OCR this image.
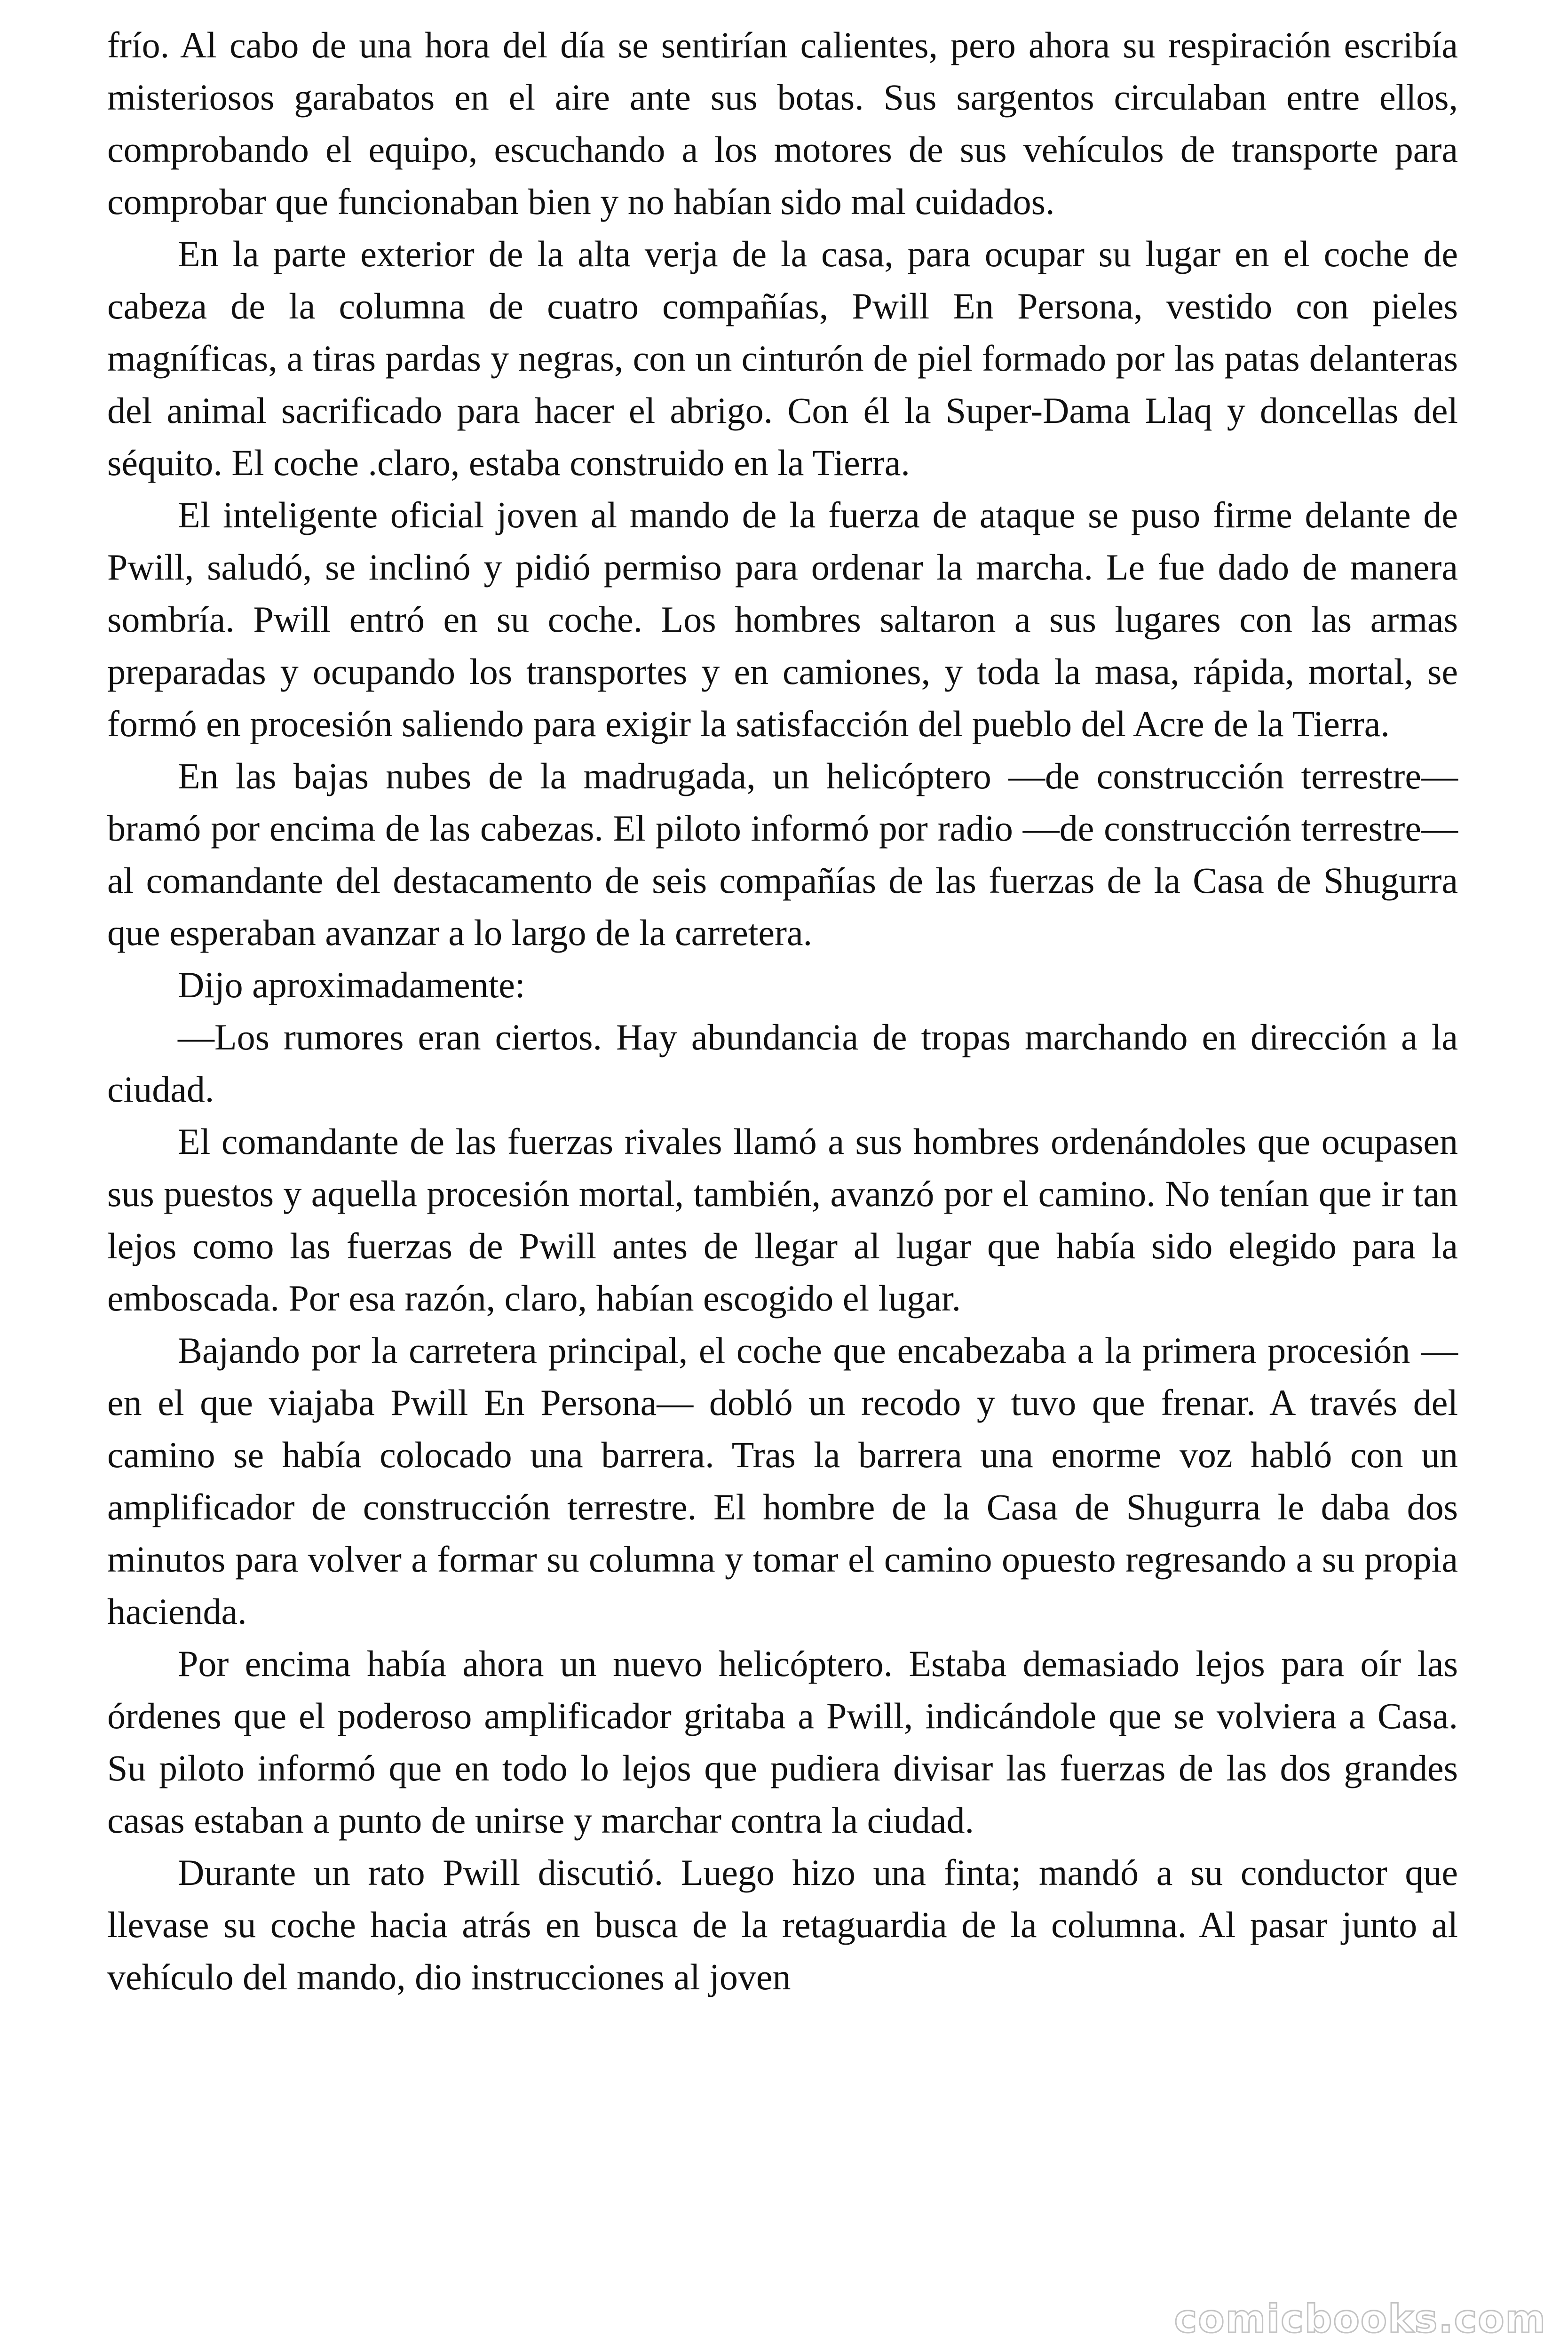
frío. Al cabo de una hora del día se sentirían calientes, pero ahora su respiración escribía misteriosos garabatos en el aire ante sus botas. Sus sargentos circulaban entre ellos, comprobando el equipo, escuchando a los motores de sus vehículos de transporte para comprobar que funcionaban bien y no habían sido mal cuidados.

En la parte exterior de la alta verja de la casa, para ocupar su lugar en el coche de cabeza de la columna de cuatro compañías, Pwill En Persona, vestido con pieles magníficas, a tiras pardas y negras, con un cinturón de piel formado por las patas delanteras del animal sacrificado para hacer el abrigo. Con él la Super-Dama Llaq y doncellas del séquito. El coche .claro, estaba construido en la Tierra.

El inteligente oficial joven al mando de la fuerza de ataque se puso firme delante de Pwill, saludó, se inclinó y pidió permiso para ordenar la marcha. Le fue dado de manera sombría. Pwill entró en su coche. Los hombres saltaron a sus lugares con las armas preparadas y ocupando los transportes y en camiones, y toda la masa, rápida, mortal, se formó en procesión saliendo para exigir la satisfacción del pueblo del Acre de la Tierra.

En las bajas nubes de la madrugada, un helicóptero —de construcción terrestre— bramó por encima de las cabezas. El piloto informó por radio —de construcción terrestre— al comandante del destacamento de seis compañías de las fuerzas de la Casa de Shugurra que esperaban avanzar a lo largo de la carretera.

Dijo aproximadamente:

—Los rumores eran ciertos. Hay abundancia de tropas marchando en dirección a la ciudad.

El comandante de las fuerzas rivales llamó a sus hombres ordenándoles que ocupasen sus puestos y aquella procesión mortal, también, avanzó por el camino. No tenían que ir tan lejos como las fuerzas de Pwill antes de llegar al lugar que había sido elegido para la emboscada. Por esa razón, claro, habían escogido el lugar.

Bajando por la carretera principal, el coche que encabezaba a la primera procesión —en el que viajaba Pwill En Persona— dobló un recodo y tuvo que frenar. A través del camino se había colocado una barrera. Tras la barrera una enorme voz habló con un amplificador de construcción terrestre. El hombre de la Casa de Shugurra le daba dos minutos para volver a formar su columna y tomar el camino opuesto regresando a su propia hacienda.

Por encima había ahora un nuevo helicóptero. Estaba demasiado lejos para oír las órdenes que el poderoso amplificador gritaba a Pwill, indicándole que se volviera a Casa. Su piloto informó que en todo lo lejos que pudiera divisar las fuerzas de las dos grandes casas estaban a punto de unirse y marchar contra la ciudad.

Durante un rato Pwill discutió. Luego hizo una finta; mandó a su conductor que llevase su coche hacia atrás en busca de la retaguardia de la columna. Al pasar junto al vehículo del mando, dio instrucciones al joven

comicbooks.com
